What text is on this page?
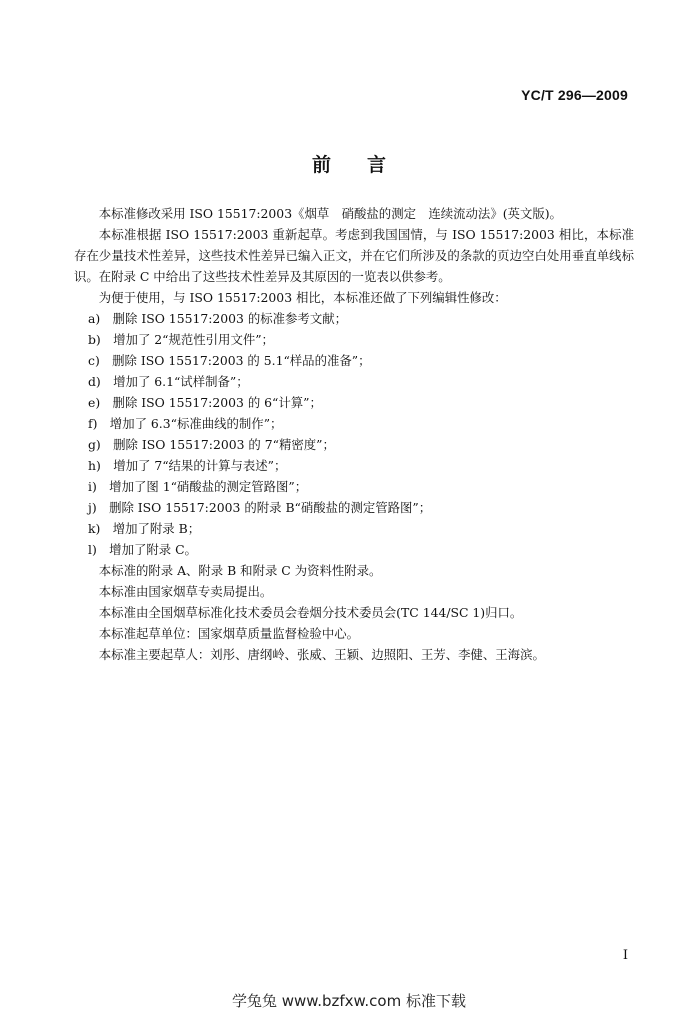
YC/T 296—2009
前 言
本标准修改采用 ISO 15517:2003《烟草　硝酸盐的测定　连续流动法》(英文版)。
本标准根据 ISO 15517:2003 重新起草。考虑到我国国情，与 ISO 15517:2003 相比，本标准存在少量技术性差异，这些技术性差异已编入正文，并在它们所涉及的条款的页边空白处用垂直单线标识。在附录 C 中给出了这些技术性差异及其原因的一览表以供参考。
为便于使用，与 ISO 15517:2003 相比，本标准还做了下列编辑性修改：
a)　删除 ISO 15517:2003 的标准参考文献；
b)　增加了 2“规范性引用文件”；
c)　删除 ISO 15517:2003 的 5.1“样品的准备”；
d)　增加了 6.1“试样制备”；
e)　删除 ISO 15517:2003 的 6“计算”；
f)　增加了 6.3“标准曲线的制作”；
g)　删除 ISO 15517:2003 的 7“精密度”；
h)　增加了 7“结果的计算与表述”；
i)　增加了图 1“硝酸盐的测定管路图”；
j)　删除 ISO 15517:2003 的附录 B“硝酸盐的测定管路图”；
k)　增加了附录 B；
l)　增加了附录 C。
本标准的附录 A、附录 B 和附录 C 为资料性附录。
本标准由国家烟草专卖局提出。
本标准由全国烟草标准化技术委员会卷烟分技术委员会(TC 144/SC 1)归口。
本标准起草单位：国家烟草质量监督检验中心。
本标准主要起草人：刘彤、唐纲岭、张威、王颖、边照阳、王芳、李健、王海滨。
I
学兔兔 www.bzfxw.com 标准下载
